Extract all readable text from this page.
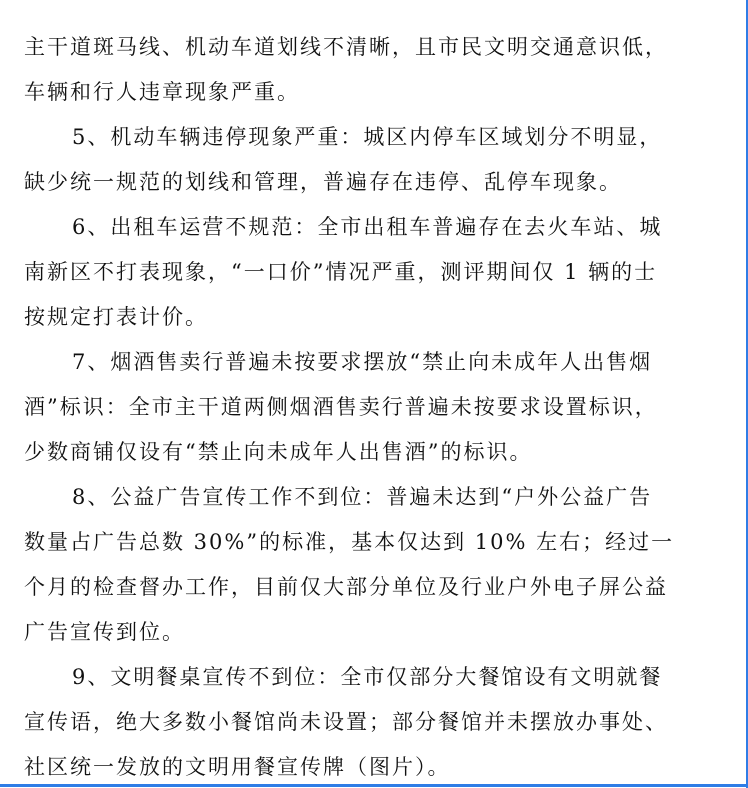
主干道斑马线、机动车道划线不清晰，且市民文明交通意识低，
车辆和行人违章现象严重。
5、机动车辆违停现象严重：城区内停车区域划分不明显，
缺少统一规范的划线和管理，普遍存在违停、乱停车现象。
6、出租车运营不规范：全市出租车普遍存在去火车站、城
南新区不打表现象，“一口价”情况严重，测评期间仅 1 辆的士
按规定打表计价。
7、烟酒售卖行普遍未按要求摆放“禁止向未成年人出售烟
酒”标识：全市主干道两侧烟酒售卖行普遍未按要求设置标识，
少数商铺仅设有“禁止向未成年人出售酒”的标识。
8、公益广告宣传工作不到位：普遍未达到“户外公益广告
数量占广告总数 30%”的标准，基本仅达到 10% 左右；经过一
个月的检查督办工作，目前仅大部分单位及行业户外电子屏公益
广告宣传到位。
9、文明餐桌宣传不到位：全市仅部分大餐馆设有文明就餐
宣传语，绝大多数小餐馆尚未设置；部分餐馆并未摆放办事处、
社区统一发放的文明用餐宣传牌（图片）。
